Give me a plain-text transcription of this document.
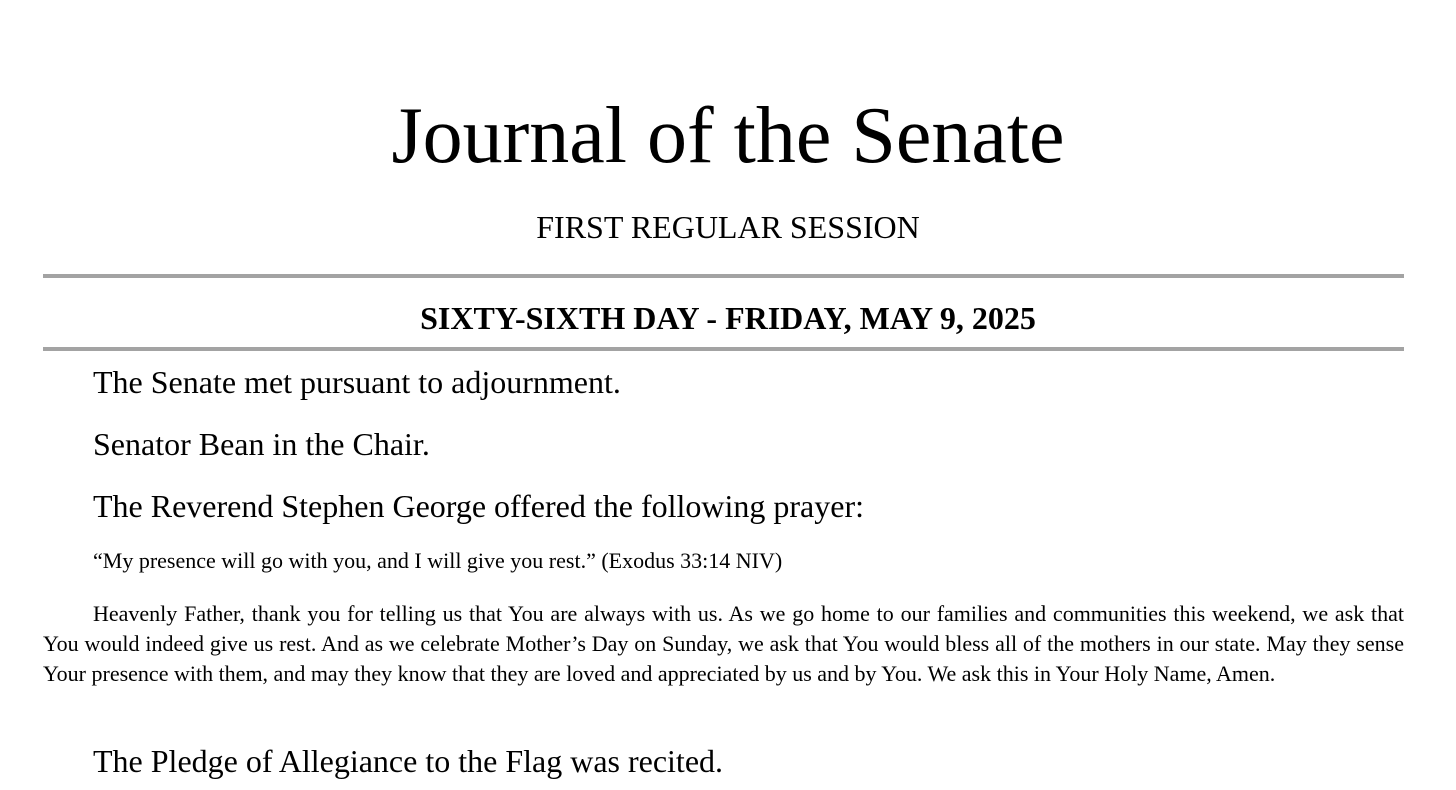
Journal of the Senate
FIRST REGULAR SESSION
SIXTY-SIXTH DAY - FRIDAY, MAY 9, 2025
The Senate met pursuant to adjournment.
Senator Bean in the Chair.
The Reverend Stephen George offered the following prayer:
“My presence will go with you, and I will give you rest.” (Exodus 33:14 NIV)

Heavenly Father, thank you for telling us that You are always with us. As we go home to our families and communities this weekend, we ask that You would indeed give us rest. And as we celebrate Mother’s Day on Sunday, we ask that You would bless all of the mothers in our state. May they sense Your presence with them, and may they know that they are loved and appreciated by us and by You. We ask this in Your Holy Name, Amen.

The Pledge of Allegiance to the Flag was recited.
